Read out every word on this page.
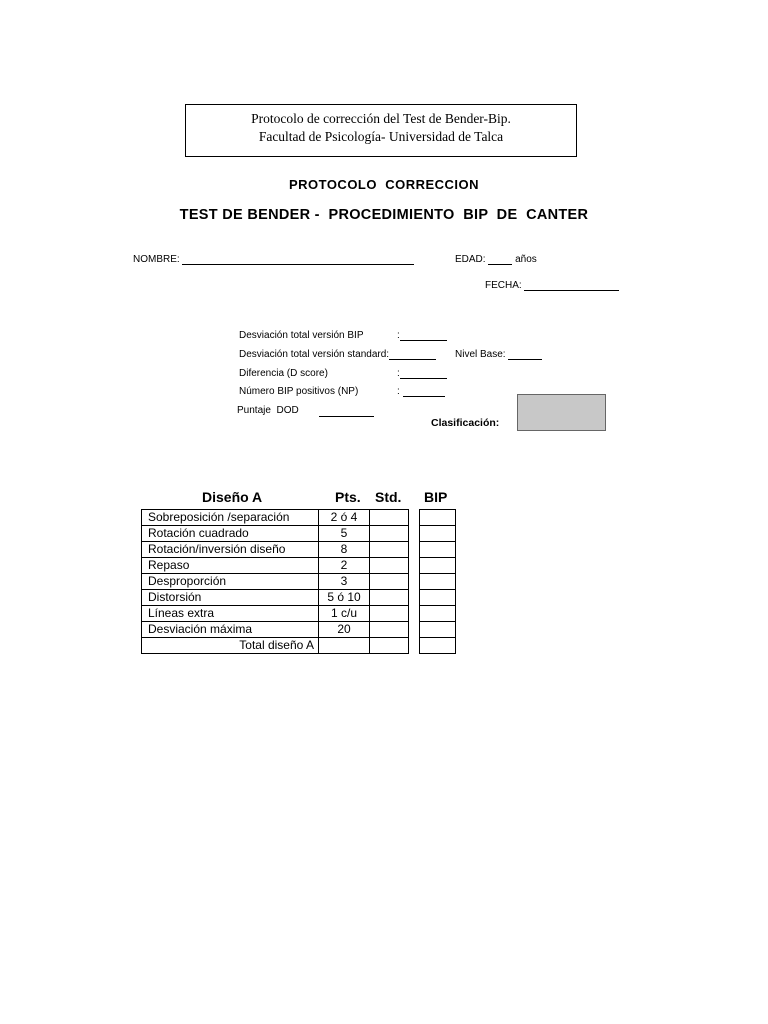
Protocolo de corrección del Test de Bender-Bip.
Facultad de Psicología- Universidad de Talca
PROTOCOLO  CORRECCION
TEST DE BENDER -  PROCEDIMIENTO  BIP  DE  CANTER
NOMBRE:	EDAD:	años
FECHA:
Desviación total versión BIP	:
Desviación total versión standard:	Nivel Base:
Diferencia (D score)	:
Número BIP positivos (NP)	:
Puntaje  DOD
Clasificación:
Diseño A	Pts. Std. BIP
Sobreposición /separación	2 ó 4	
Rotación cuadrado	5	
Rotación/inversión diseño	8	
Repaso	2	
Desproporción	3	
Distorsión	5 ó 10	
Líneas extra	1 c/u	
Desviación máxima	20	
Total diseño A		
